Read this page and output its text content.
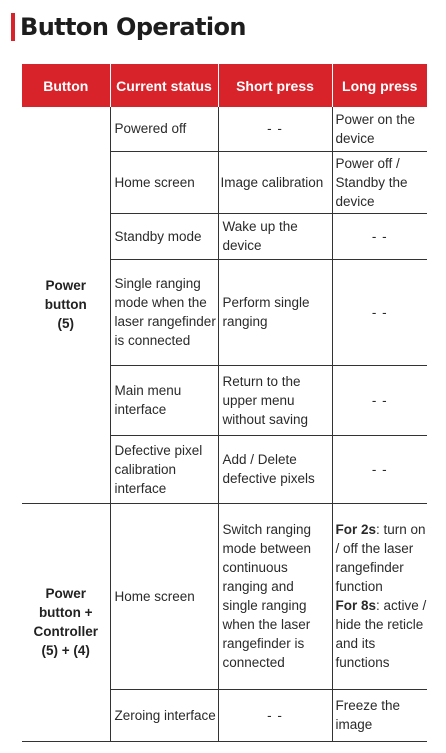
Button Operation
Button	Current status	Short press	Long press
Power
button
(5)	Powered off	- -	Power on the device
	Home screen	Image calibration	Power off / Standby the device
	Standby mode	Wake up the device	- -
	Single ranging mode when the laser rangefinder is connected	Perform single ranging	- -
	Main menu interface	Return to the upper menu without saving	- -
	Defective pixel calibration interface	Add / Delete defective pixels	- -
Power
button +
Controller
(5) + (4)	Home screen	Switch ranging mode between continuous ranging and single ranging when the laser rangefinder is connected	For 2s: turn on / off the laser rangefinder function
For 8s: active / hide the reticle and its functions
	Zeroing interface	- -	Freeze the image
